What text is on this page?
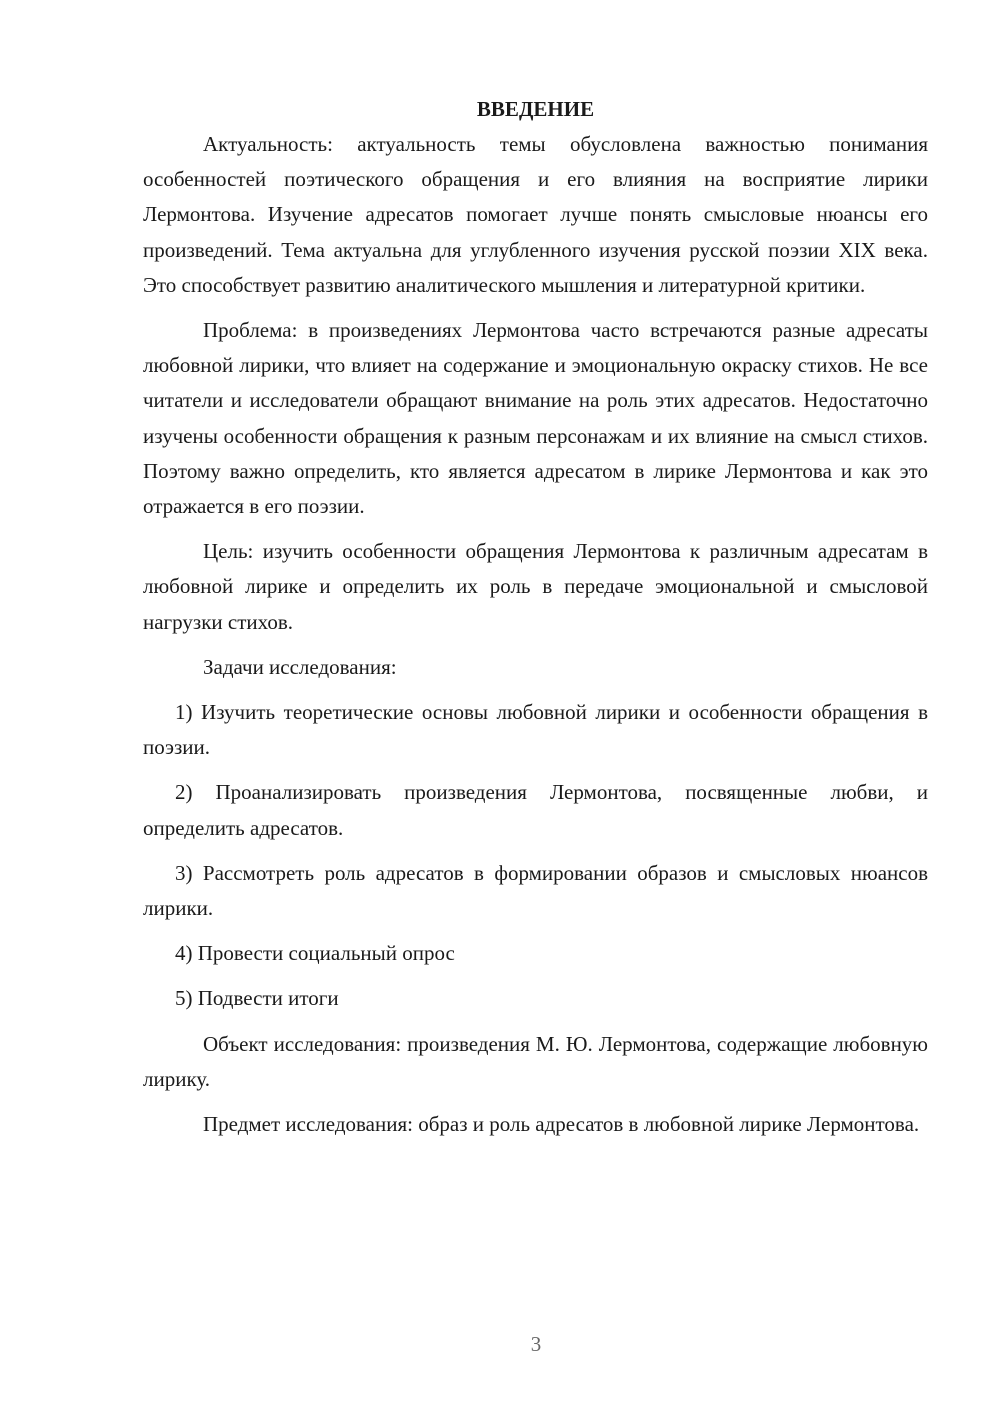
ВВЕДЕНИЕ

Актуальность: актуальность темы обусловлена важностью понимания особенностей поэтического обращения и его влияния на восприятие лирики Лермонтова. Изучение адресатов помогает лучше понять смысловые нюансы его произведений. Тема актуальна для углубленного изучения русской поэзии XIX века. Это способствует развитию аналитического мышления и литературной критики.

Проблема: в произведениях Лермонтова часто встречаются разные адресаты любовной лирики, что влияет на содержание и эмоциональную окраску стихов. Не все читатели и исследователи обращают внимание на роль этих адресатов. Недостаточно изучены особенности обращения к разным персонажам и их влияние на смысл стихов. Поэтому важно определить, кто является адресатом в лирике Лермонтова и как это отражается в его поэзии.

Цель: изучить особенности обращения Лермонтова к различным адресатам в любовной лирике и определить их роль в передаче эмоциональной и смысловой нагрузки стихов.

Задачи исследования:

1) Изучить теоретические основы любовной лирики и особенности обращения в поэзии.

2) Проанализировать произведения Лермонтова, посвященные любви, и определить адресатов.

3) Рассмотреть роль адресатов в формировании образов и смысловых нюансов лирики.

4) Провести социальный опрос

5) Подвести итоги

Объект исследования: произведения М. Ю. Лермонтова, содержащие любовную лирику.

Предмет исследования: образ и роль адресатов в любовной лирике Лермонтова.

3
